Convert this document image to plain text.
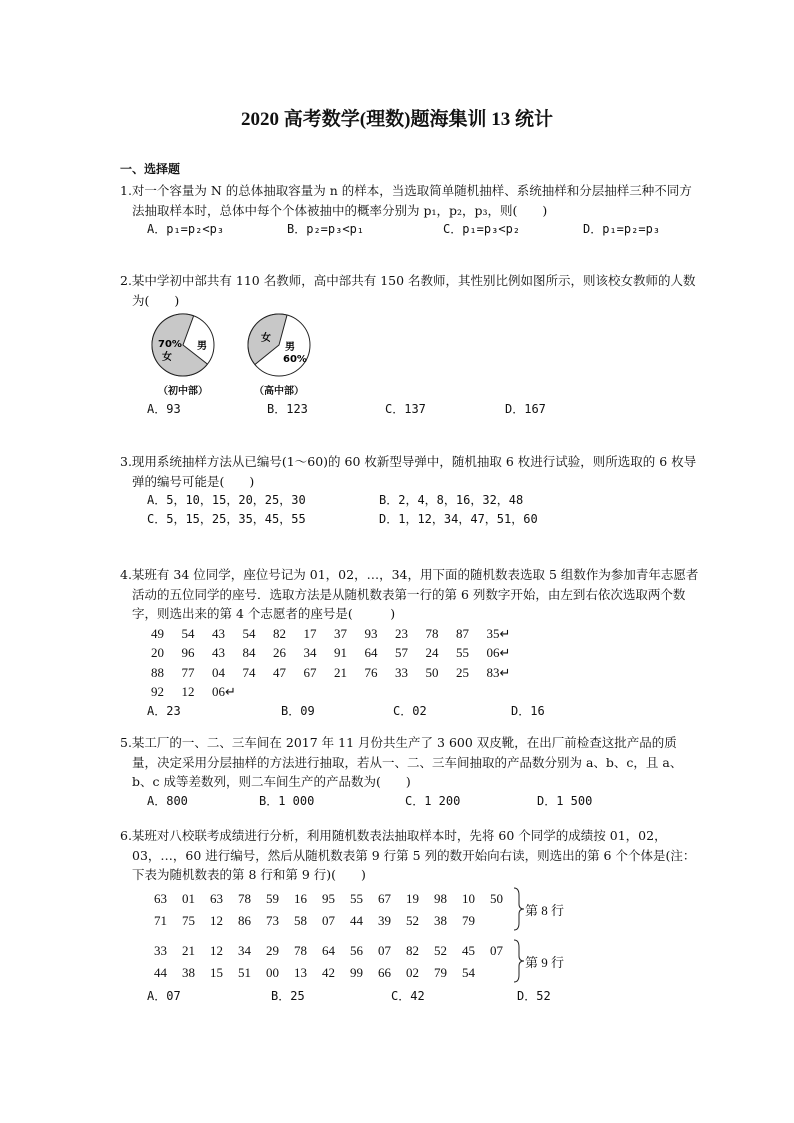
2020 高考数学(理数)题海集训 13 统计
一、选择题

1.对一个容量为 N 的总体抽取容量为 n 的样本，当选取简单随机抽样、系统抽样和分层抽样三种不同方法抽取样本时，总体中每个个体被抽中的概率分别为 p₁，p₂，p₃，则(　　)

A．p₁=p₂<p₃	B．p₂=p₃<p₁	C．p₁=p₃<p₂	D．p₁=p₂=p₃

2.某中学初中部共有 110 名教师，高中部共有 150 名教师，其性别比例如图所示，则该校女教师的人数为(　　)

70%
女
男
女
男
60%
（初中部）	（高中部）
A．93	B．123	C．137	D．167

3.现用系统抽样方法从已编号(1～60)的 60 枚新型导弹中，随机抽取 6 枚进行试验，则所选取的 6 枚导弹的编号可能是(　　)

A．5，10，15，20，25，30	B．2，4，8，16，32，48
C．5，15，25，35，45，55	D．1，12，34，47，51，60

4.某班有 34 位同学，座位号记为 01，02，…，34，用下面的随机数表选取 5 组数作为参加青年志愿者活动的五位同学的座号．选取方法是从随机数表第一行的第 6 列数字开始，由左到右依次选取两个数字，则选出来的第 4 个志愿者的座号是(　　　)

49	54	43	54	82	17	37	93	23	78	87	35↵
20	96	43	84	26	34	91	64	57	24	55	06↵
88	77	04	74	47	67	21	76	33	50	25	83↵
92	12	06↵
A．23	B．09	C．02	D．16

5.某工厂的一、二、三车间在 2017 年 11 月份共生产了 3 600 双皮靴，在出厂前检查这批产品的质量，决定采用分层抽样的方法进行抽取，若从一、二、三车间抽取的产品数分别为 a、b、c，且 a、b、c 成等差数列，则二车间生产的产品数为(　　)

A．800	B．1 000	C．1 200	D．1 500

6.某班对八校联考成绩进行分析，利用随机数表法抽取样本时，先将 60 个同学的成绩按 01，02，03，…，60 进行编号，然后从随机数表第 9 行第 5 列的数开始向右读，则选出的第 6 个个体是(注：下表为随机数表的第 8 行和第 9 行)(　　)

63	01	63	78	59	16	95	55	67	19	98	10	50
71	75	12	86	73	58	07	44	39	52	38	79
第 8 行
33	21	12	34	29	78	64	56	07	82	52	45	07
44	38	15	51	00	13	42	99	66	02	79	54
第 9 行
A．07	B．25	C．42	D．52
